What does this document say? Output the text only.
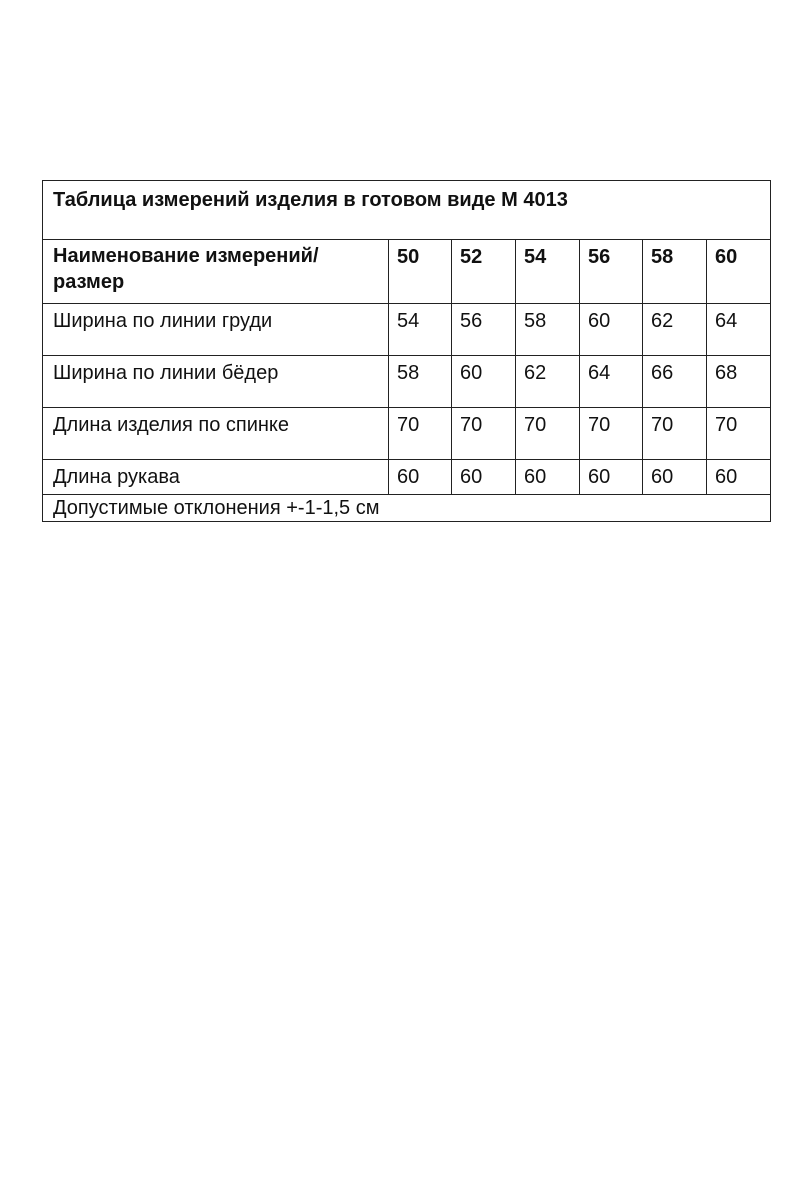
Таблица измерений изделия в готовом виде М 4013						
Наименование измерений/размер	50	52	54	56	58	60
Ширина по линии груди	54	56	58	60	62	64
Ширина по линии бёдер	58	60	62	64	66	68
Длина изделия по спинке	70	70	70	70	70	70
Длина рукава	60	60	60	60	60	60
Допустимые отклонения +-1-1,5 см						
